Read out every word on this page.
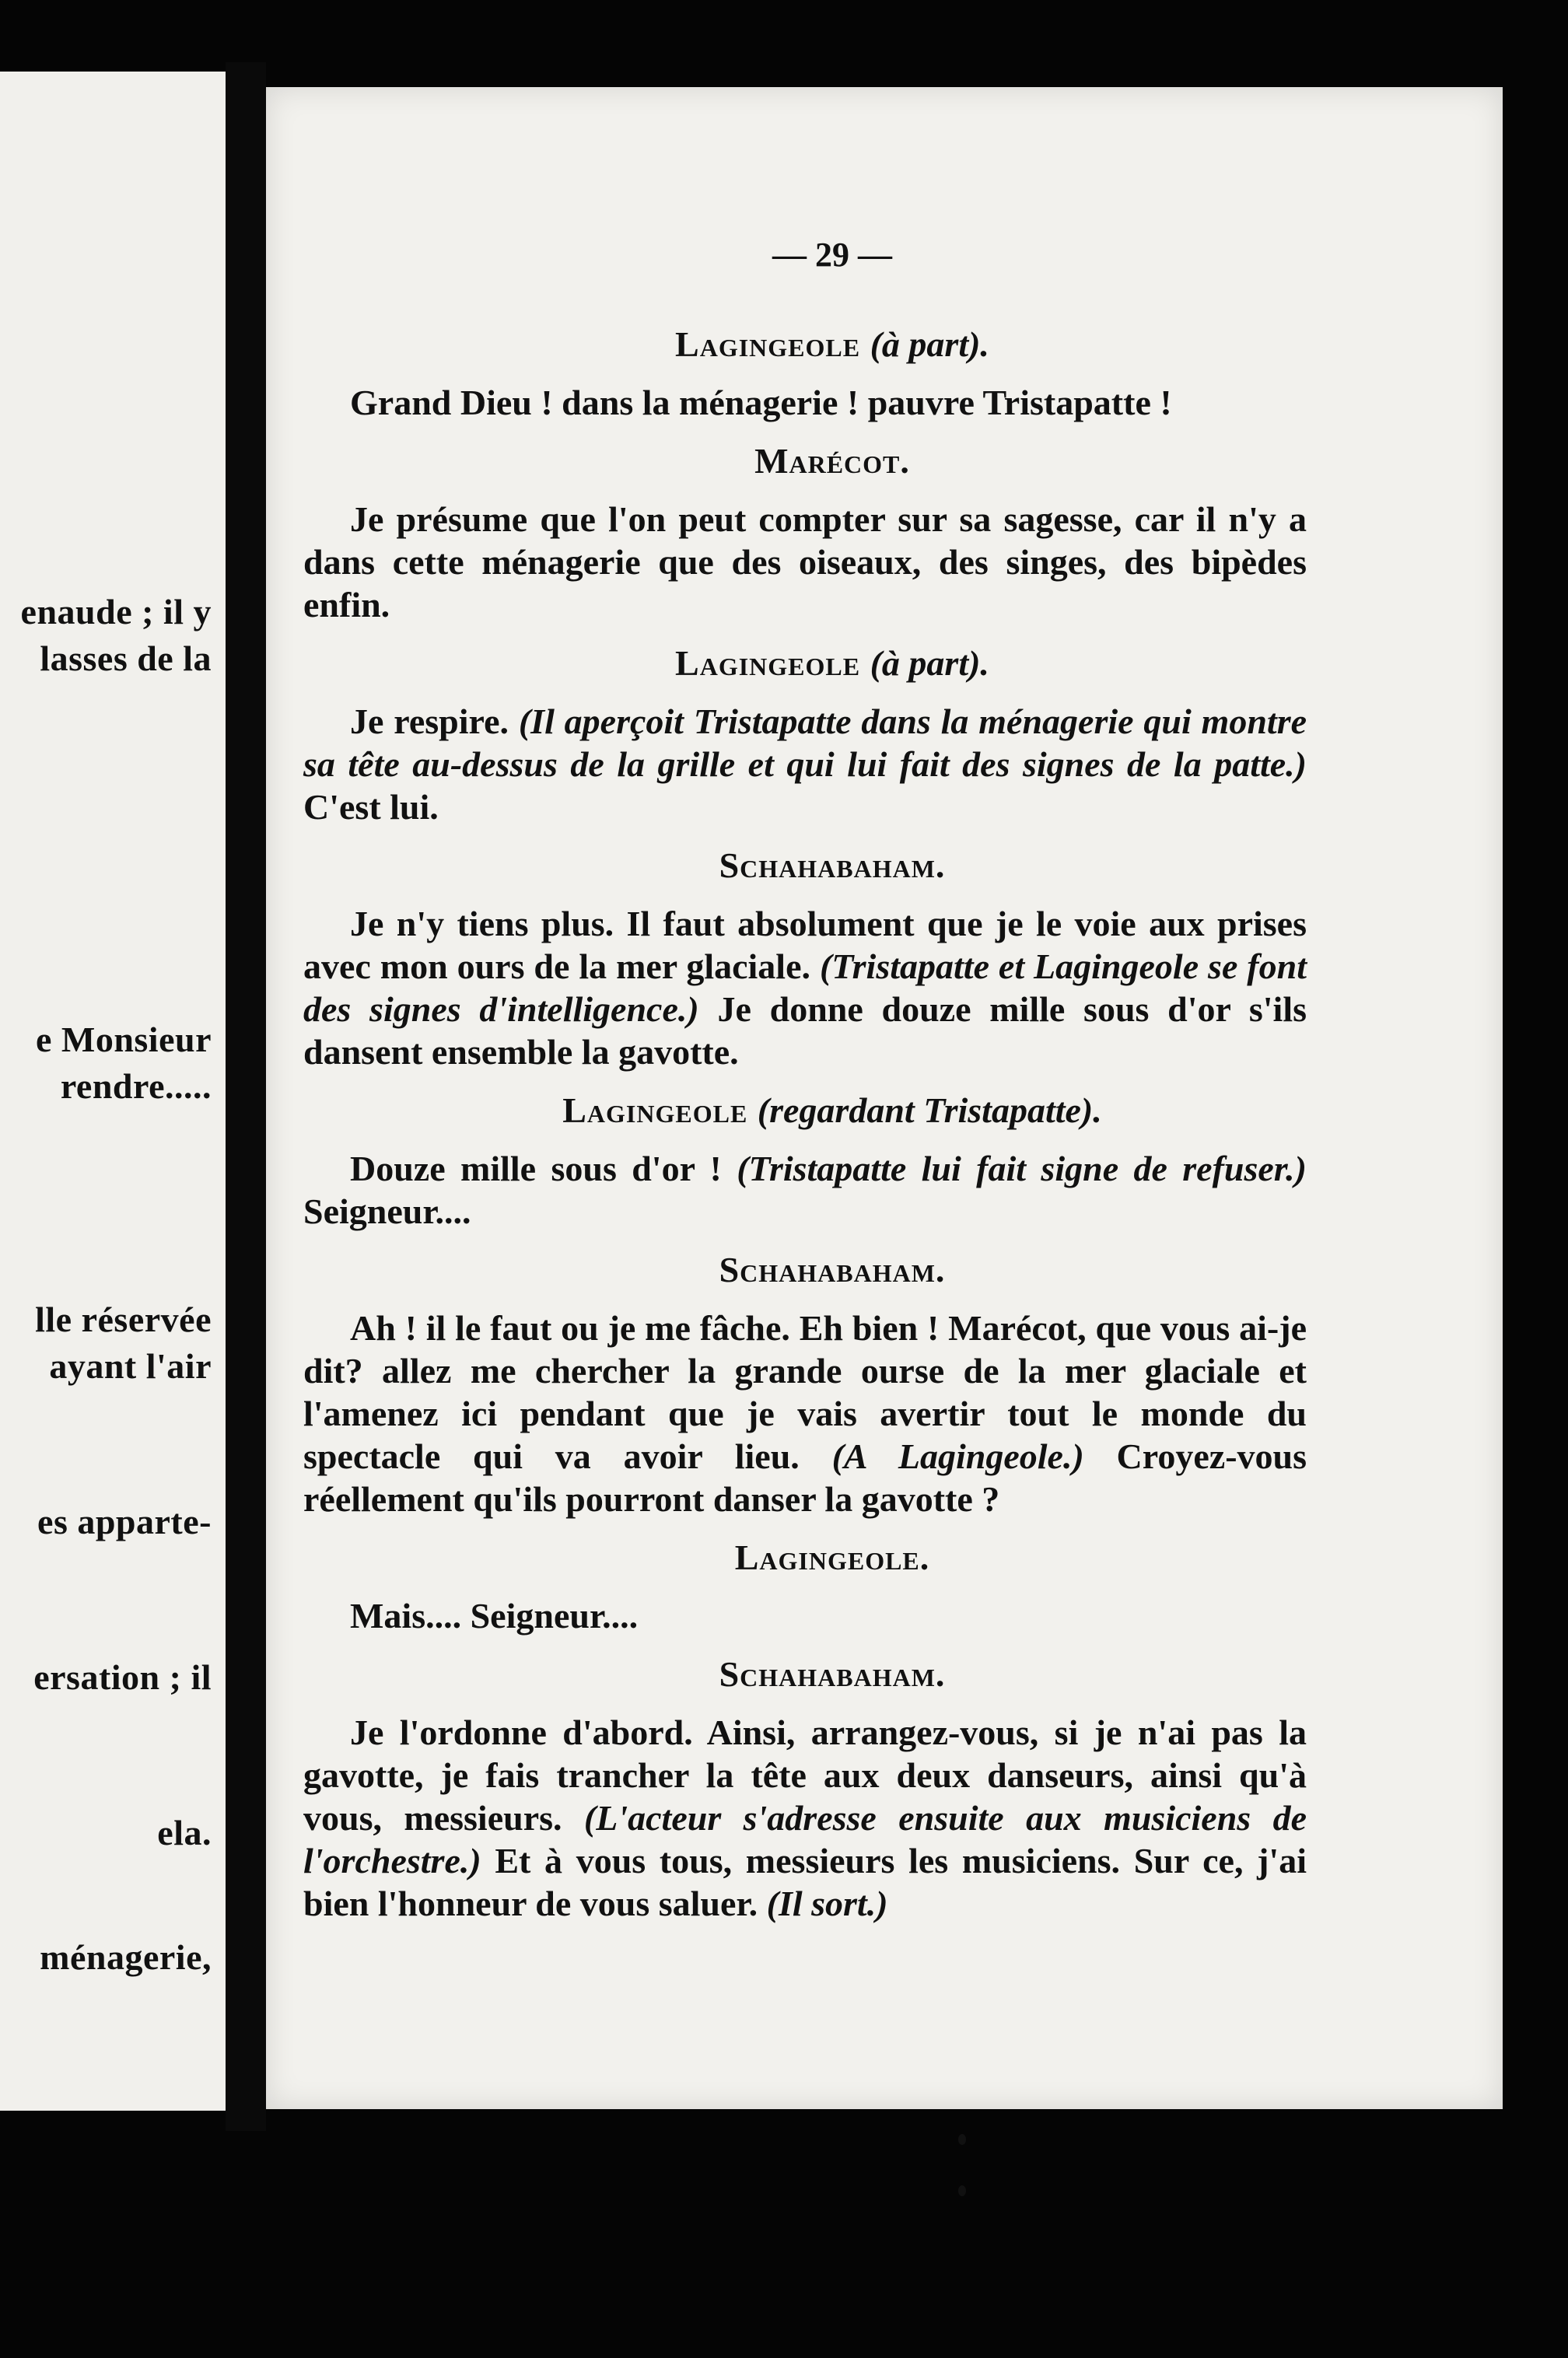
enaude ; il y
lasses de la
e Monsieur
rendre.....
lle réservée
ayant l'air
es apparte-
ersation ; il
ela.
ménagerie,
— 29 —
Lagingeole (à part).

Grand Dieu ! dans la ménagerie ! pauvre Tristapatte !

Marécot.

Je présume que l'on peut compter sur sa sagesse, car il n'y a dans cette ménagerie que des oiseaux, des singes, des bipèdes enfin.

Lagingeole (à part).

Je respire. (Il aperçoit Tristapatte dans la ménagerie qui montre sa tête au-dessus de la grille et qui lui fait des signes de la patte.) C'est lui.

Schahabaham.

Je n'y tiens plus. Il faut absolument que je le voie aux prises avec mon ours de la mer glaciale. (Tristapatte et Lagingeole se font des signes d'intelligence.) Je donne douze mille sous d'or s'ils dansent ensemble la gavotte.

Lagingeole (regardant Tristapatte).

Douze mille sous d'or ! (Tristapatte lui fait signe de refuser.) Seigneur....

Schahabaham.

Ah ! il le faut ou je me fâche. Eh bien ! Marécot, que vous ai-je dit? allez me chercher la grande ourse de la mer glaciale et l'amenez ici pendant que je vais avertir tout le monde du spectacle qui va avoir lieu. (A Lagingeole.) Croyez-vous réellement qu'ils pourront danser la gavotte ?

Lagingeole.

Mais.... Seigneur....

Schahabaham.

Je l'ordonne d'abord. Ainsi, arrangez-vous, si je n'ai pas la gavotte, je fais trancher la tête aux deux danseurs, ainsi qu'à vous, messieurs. (L'acteur s'adresse ensuite aux musiciens de l'orchestre.) Et à vous tous, messieurs les musiciens. Sur ce, j'ai bien l'honneur de vous saluer. (Il sort.)
